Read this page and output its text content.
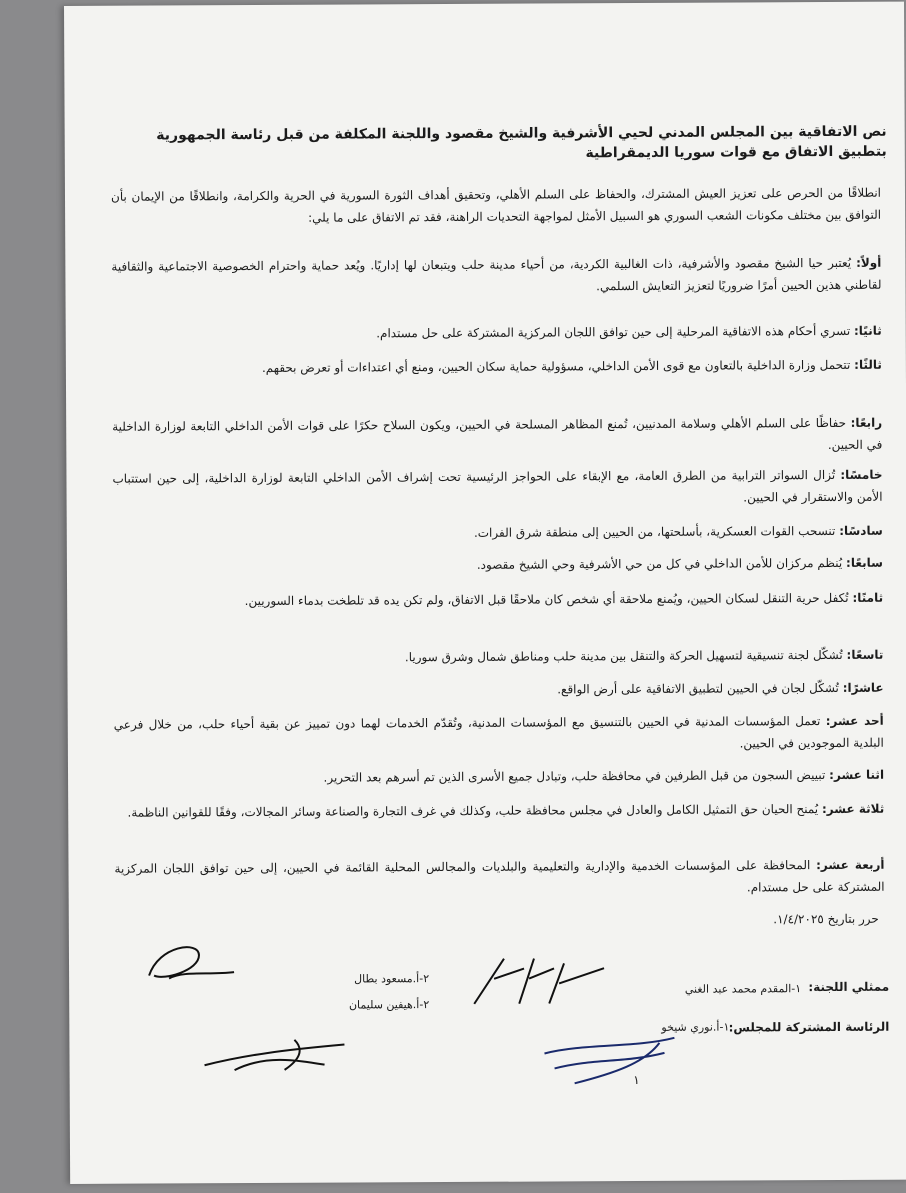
نص الاتفاقية بين المجلس المدني لحيي الأشرفية والشيخ مقصود واللجنة المكلفة من قبل رئاسة الجمهورية بتطبيق الاتفاق مع قوات سوريا الديمقراطية
انطلاقًا من الحرص على تعزيز العيش المشترك، والحفاظ على السلم الأهلي، وتحقيق أهداف الثورة السورية في الحرية والكرامة، وانطلاقًا من الإيمان بأن التوافق بين مختلف مكونات الشعب السوري هو السبيل الأمثل لمواجهة التحديات الراهنة، فقد تم الاتفاق على ما يلي:
أولاً: يُعتبر حيا الشيخ مقصود والأشرفية، ذات الغالبية الكردية، من أحياء مدينة حلب ويتبعان لها إداريًا. ويُعد حماية واحترام الخصوصية الاجتماعية والثقافية لقاطني هذين الحيين أمرًا ضروريًا لتعزيز التعايش السلمي.
ثانيًا: تسري أحكام هذه الاتفاقية المرحلية إلى حين توافق اللجان المركزية المشتركة على حل مستدام.
ثالثًا: تتحمل وزارة الداخلية بالتعاون مع قوى الأمن الداخلي، مسؤولية حماية سكان الحيين، ومنع أي اعتداءات أو تعرض بحقهم.
رابعًا: حفاظًا على السلم الأهلي وسلامة المدنيين، تُمنع المظاهر المسلحة في الحيين، ويكون السلاح حكرًا على قوات الأمن الداخلي التابعة لوزارة الداخلية في الحيين.
خامسًا: تُزال السواتر الترابية من الطرق العامة، مع الإبقاء على الحواجز الرئيسية تحت إشراف الأمن الداخلي التابعة لوزارة الداخلية، إلى حين استتباب الأمن والاستقرار في الحيين.
سادسًا: تنسحب القوات العسكرية، بأسلحتها، من الحيين إلى منطقة شرق الفرات.
سابعًا: يُنظم مركزان للأمن الداخلي في كل من حي الأشرفية وحي الشيخ مقصود.
ثامنًا: تُكفل حرية التنقل لسكان الحيين، ويُمنع ملاحقة أي شخص كان ملاحقًا قبل الاتفاق، ولم تكن يده قد تلطخت بدماء السوريين.
تاسعًا: تُشكّل لجنة تنسيقية لتسهيل الحركة والتنقل بين مدينة حلب ومناطق شمال وشرق سوريا.
عاشرًا: تُشكّل لجان في الحيين لتطبيق الاتفاقية على أرض الواقع.
أحد عشر: تعمل المؤسسات المدنية في الحيين بالتنسيق مع المؤسسات المدنية، وتُقدّم الخدمات لهما دون تمييز عن بقية أحياء حلب، من خلال فرعي البلدية الموجودين في الحيين.
اثنا عشر: تبييض السجون من قبل الطرفين في محافظة حلب، وتبادل جميع الأسرى الذين تم أسرهم بعد التحرير.
ثلاثة عشر: يُمنح الحيان حق التمثيل الكامل والعادل في مجلس محافظة حلب، وكذلك في غرف التجارة والصناعة وسائر المجالات، وفقًا للقوانين الناظمة.
أربعة عشر: المحافظة على المؤسسات الخدمية والإدارية والتعليمية والبلديات والمجالس المحلية القائمة في الحيين، إلى حين توافق اللجان المركزية المشتركة على حل مستدام.
حرر بتاريخ ١/٤/٢٠٢٥.
ممثلي اللجنة:
١-المقدم محمد عبد الغني
٢-أ.مسعود بطال
٢-أ.هيفين سليمان
الرئاسة المشتركة للمجلس:
١-أ.نوري شيخو
١
